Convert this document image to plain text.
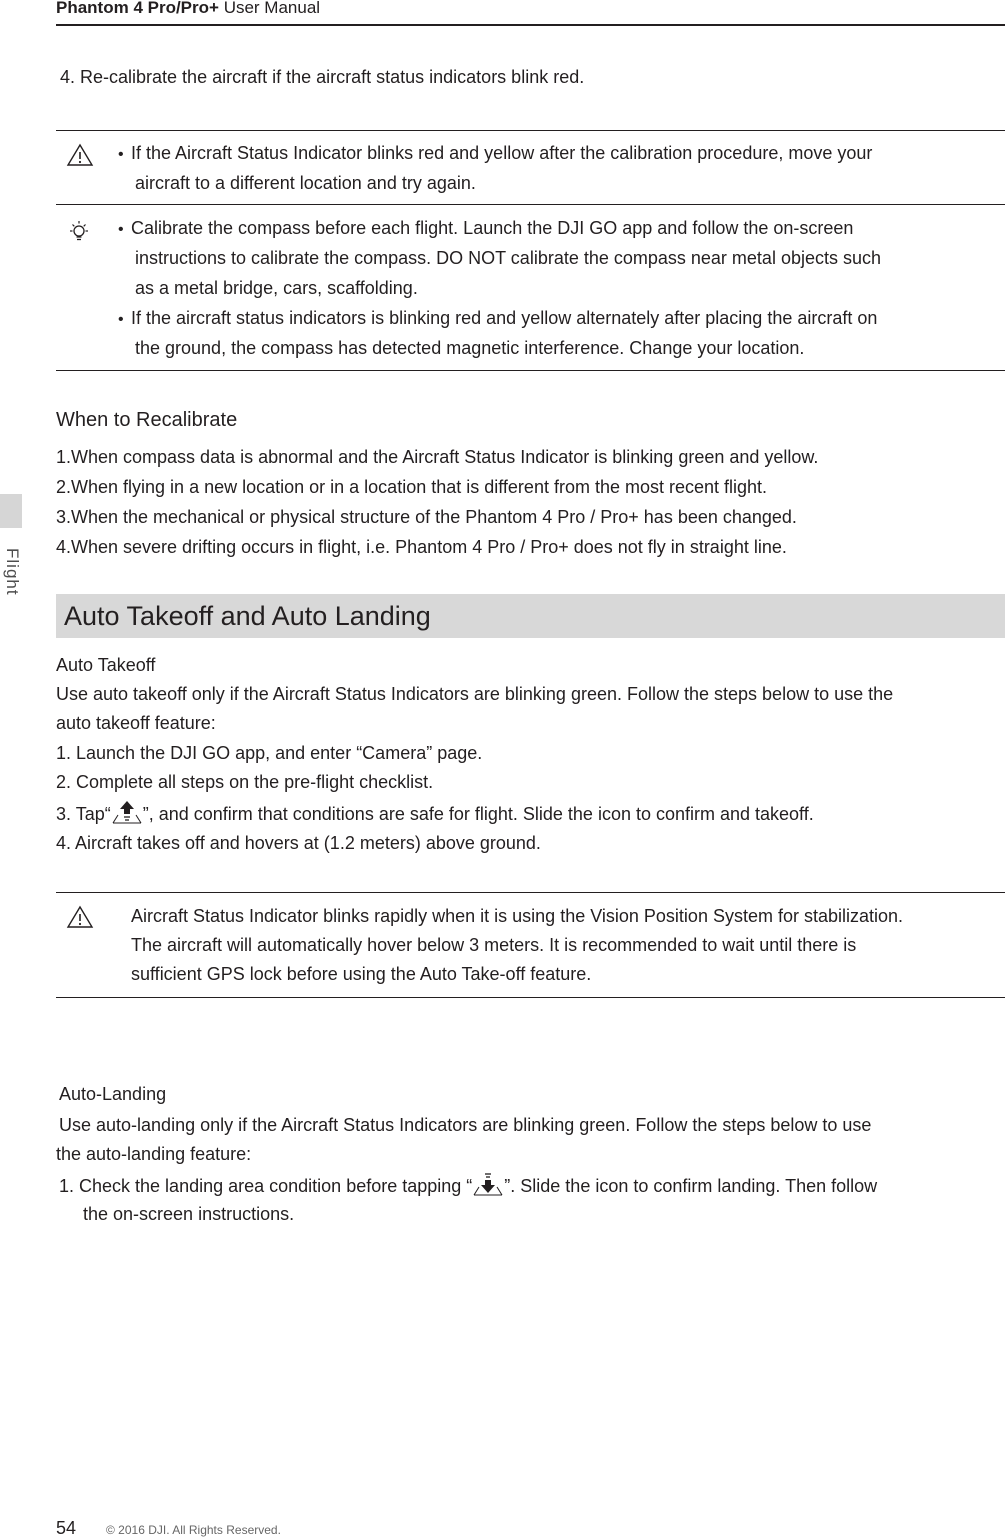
Phantom 4 Pro/Pro+ User Manual
Flight
4. Re-calibrate the aircraft if the aircraft status indicators blink red.
• If the Aircraft Status Indicator blinks red and yellow after the calibration procedure, move your
aircraft to a different location and try again.
• Calibrate the compass before each flight. Launch the DJI GO app and follow the on-screen
instructions to calibrate the compass. DO NOT calibrate the compass near metal objects such
as a metal bridge, cars, scaffolding.
• If the aircraft status indicators is blinking red and yellow alternately after placing the aircraft on
the ground, the compass has detected magnetic interference. Change your location.
When to Recalibrate
1.When compass data is abnormal and the Aircraft Status Indicator is blinking green and yellow.
2.When flying in a new location or in a location that is different from the most recent flight.
3.When the mechanical or physical structure of the Phantom 4 Pro / Pro+ has been changed.
4.When severe drifting occurs in flight, i.e. Phantom 4 Pro / Pro+ does not fly in straight line.
Auto Takeoff and Auto Landing
Auto Takeoff
Use auto takeoff only if the Aircraft Status Indicators are blinking green. Follow the steps below to use the
auto takeoff feature:
1. Launch the DJI GO app, and enter “Camera” page.
2. Complete all steps on the pre-flight checklist.
3. Tap“ ”, and confirm that conditions are safe for flight. Slide the icon to confirm and takeoff.
4. Aircraft takes off and hovers at (1.2 meters) above ground.
Aircraft Status Indicator blinks rapidly when it is using the Vision Position System for stabilization.
The aircraft will automatically hover below 3 meters. It is recommended to wait until there is
sufficient GPS lock before using the Auto Take-off feature.
Auto-Landing
Use auto-landing only if the Aircraft Status Indicators are blinking green. Follow the steps below to use
the auto-landing feature:
1. Check the landing area condition before tapping “ ”. Slide the icon to confirm landing. Then follow
the on-screen instructions.
54 © 2016 DJI. All Rights Reserved.
